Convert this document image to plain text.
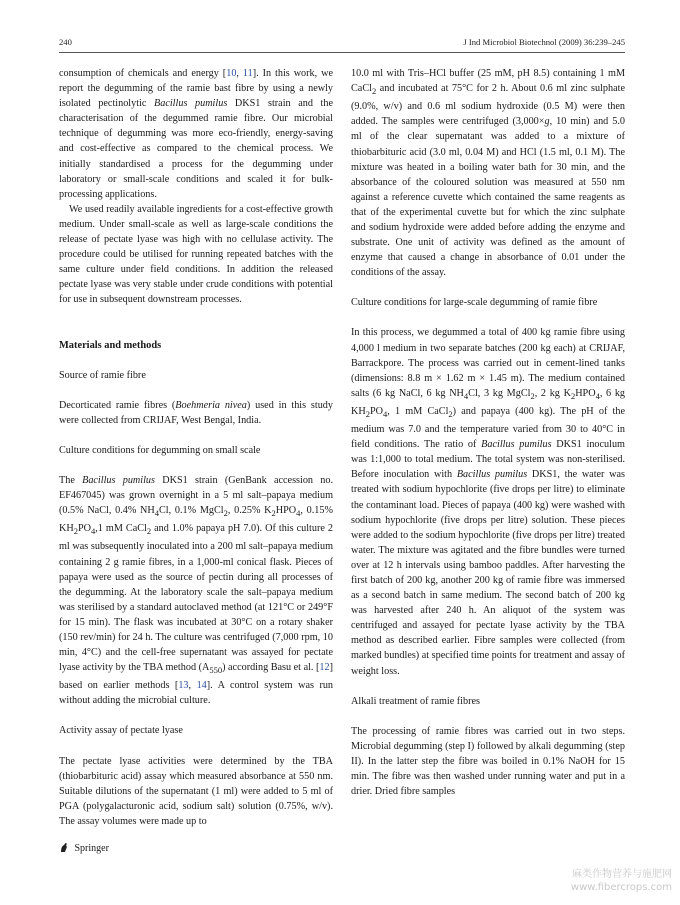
240	J Ind Microbiol Biotechnol (2009) 36:239–245

consumption of chemicals and energy [10, 11]. In this work, we report the degumming of the ramie bast fibre by using a newly isolated pectinolytic Bacillus pumilus DKS1 strain and the characterisation of the degummed ramie fibre. Our microbial technique of degumming was more eco-friendly, energy-saving and cost-effective as compared to the chemical process. We initially standardised a process for the degumming under laboratory or small-scale conditions and scaled it for bulk-processing applications.

We used readily available ingredients for a cost-effective growth medium. Under small-scale as well as large-scale conditions the release of pectate lyase was high with no cellulase activity. The procedure could be utilised for running repeated batches with the same culture under field conditions. In addition the released pectate lyase was very stable under crude conditions with potential for use in subsequent downstream processes.

Materials and methods
Source of ramie fibre

Decorticated ramie fibres (Boehmeria nivea) used in this study were collected from CRIJAF, West Bengal, India.

Culture conditions for degumming on small scale

The Bacillus pumilus DKS1 strain (GenBank accession no. EF467045) was grown overnight in a 5 ml salt–papaya medium (0.5% NaCl, 0.4% $NH_4Cl$, 0.1% MgCl$_2$, 0.25% $K_2HPO_4$, 0.15% $KH_2PO_4,1$ mM CaCl$_2$ and 1.0% papaya pH 7.0). Of this culture 2 ml was subsequently inoculated into a 200 ml salt–papaya medium containing 2 g ramie fibres, in a 1,000-ml conical flask. Pieces of papaya were used as the source of pectin during all processes of the degumming. At the laboratory scale the salt–papaya medium was sterilised by a standard autoclaved method (at 121°C or 249°F for 15 min). The flask was incubated at 30°C on a rotary shaker (150 rev/min) for 24 h. The culture was centrifuged (7,000 rpm, 10 min, 4°C) and the cell-free supernatant was assayed for pectate lyase activity by the TBA method $(A_{550})$ according Basu et al. [12] based on earlier methods [13, 14]. A control system was run without adding the microbial culture.

Activity assay of pectate lyase

The pectate lyase activities were determined by the TBA (thiobarbituric acid) assay which measured absorbance at 550 nm. Suitable dilutions of the supernatant (1 ml) were added to 5 ml of PGA (polygalacturonic acid, sodium salt) solution (0.75%, w/v). The assay volumes were made up to

10.0 ml with Tris–HCl buffer (25 mM, pH 8.5) containing 1 mM CaCl$_2$ and incubated at 75°C for 2 h. About 0.6 ml zinc sulphate (9.0%, w/v) and 0.6 ml sodium hydroxide (0.5 M) were then added. The samples were centrifuged (3,000×g, 10 min) and 5.0 ml of the clear supernatant was added to a mixture of thiobarbituric acid (3.0 ml, 0.04 M) and HCl (1.5 ml, 0.1 M). The mixture was heated in a boiling water bath for 30 min, and the absorbance of the coloured solution was measured at 550 nm against a reference cuvette which contained the same reagents as that of the experimental cuvette but for which the zinc sulphate and sodium hydroxide were added before adding the enzyme and substrate. One unit of activity was defined as the amount of enzyme that caused a change in absorbance of 0.01 under the conditions of the assay.

Culture conditions for large-scale degumming of ramie fibre

In this process, we degummed a total of 400 kg ramie fibre using 4,000 l medium in two separate batches (200 kg each) at CRIJAF, Barrackpore. The process was carried out in cement-lined tanks (dimensions: 8.8 m × 1.62 m × 1.45 m). The medium contained salts (6 kg NaCl, 6 kg $NH_4Cl$, 3 kg MgCl$_2$, 2 kg $K_2HPO_4$, 6 kg $KH_2PO_4$, 1 mM CaCl$_2$) and papaya (400 kg). The pH of the medium was 7.0 and the temperature varied from 30 to 40°C in field conditions. The ratio of Bacillus pumilus DKS1 inoculum was 1:1,000 to total medium. The total system was non-sterilised. Before inoculation with Bacillus pumilus DKS1, the water was treated with sodium hypochlorite (five drops per litre) to eliminate the contaminant load. Pieces of papaya (400 kg) were washed with sodium hypochlorite (five drops per litre) solution. These pieces were added to the sodium hypochlorite (five drops per litre) treated water. The mixture was agitated and the fibre bundles were turned over at 12 h intervals using bamboo paddles. After harvesting the first batch of 200 kg, another 200 kg of ramie fibre was immersed as a second batch in same medium. The second batch of 200 kg was harvested after 240 h. An aliquot of the system was centrifuged and assayed for pectate lyase activity by the TBA method as described earlier. Fibre samples were collected (from marked bundles) at specified time points for treatment and assay of weight loss.

Alkali treatment of ramie fibres

The processing of ramie fibres was carried out in two steps. Microbial degumming (step I) followed by alkali degumming (step II). In the latter step the fibre was boiled in 0.1% NaOH for 15 min. The fibre was then washed under running water and put in a drier. Dried fibre samples

Springer
麻类作物营养与施肥网
www.fibercrops.com
